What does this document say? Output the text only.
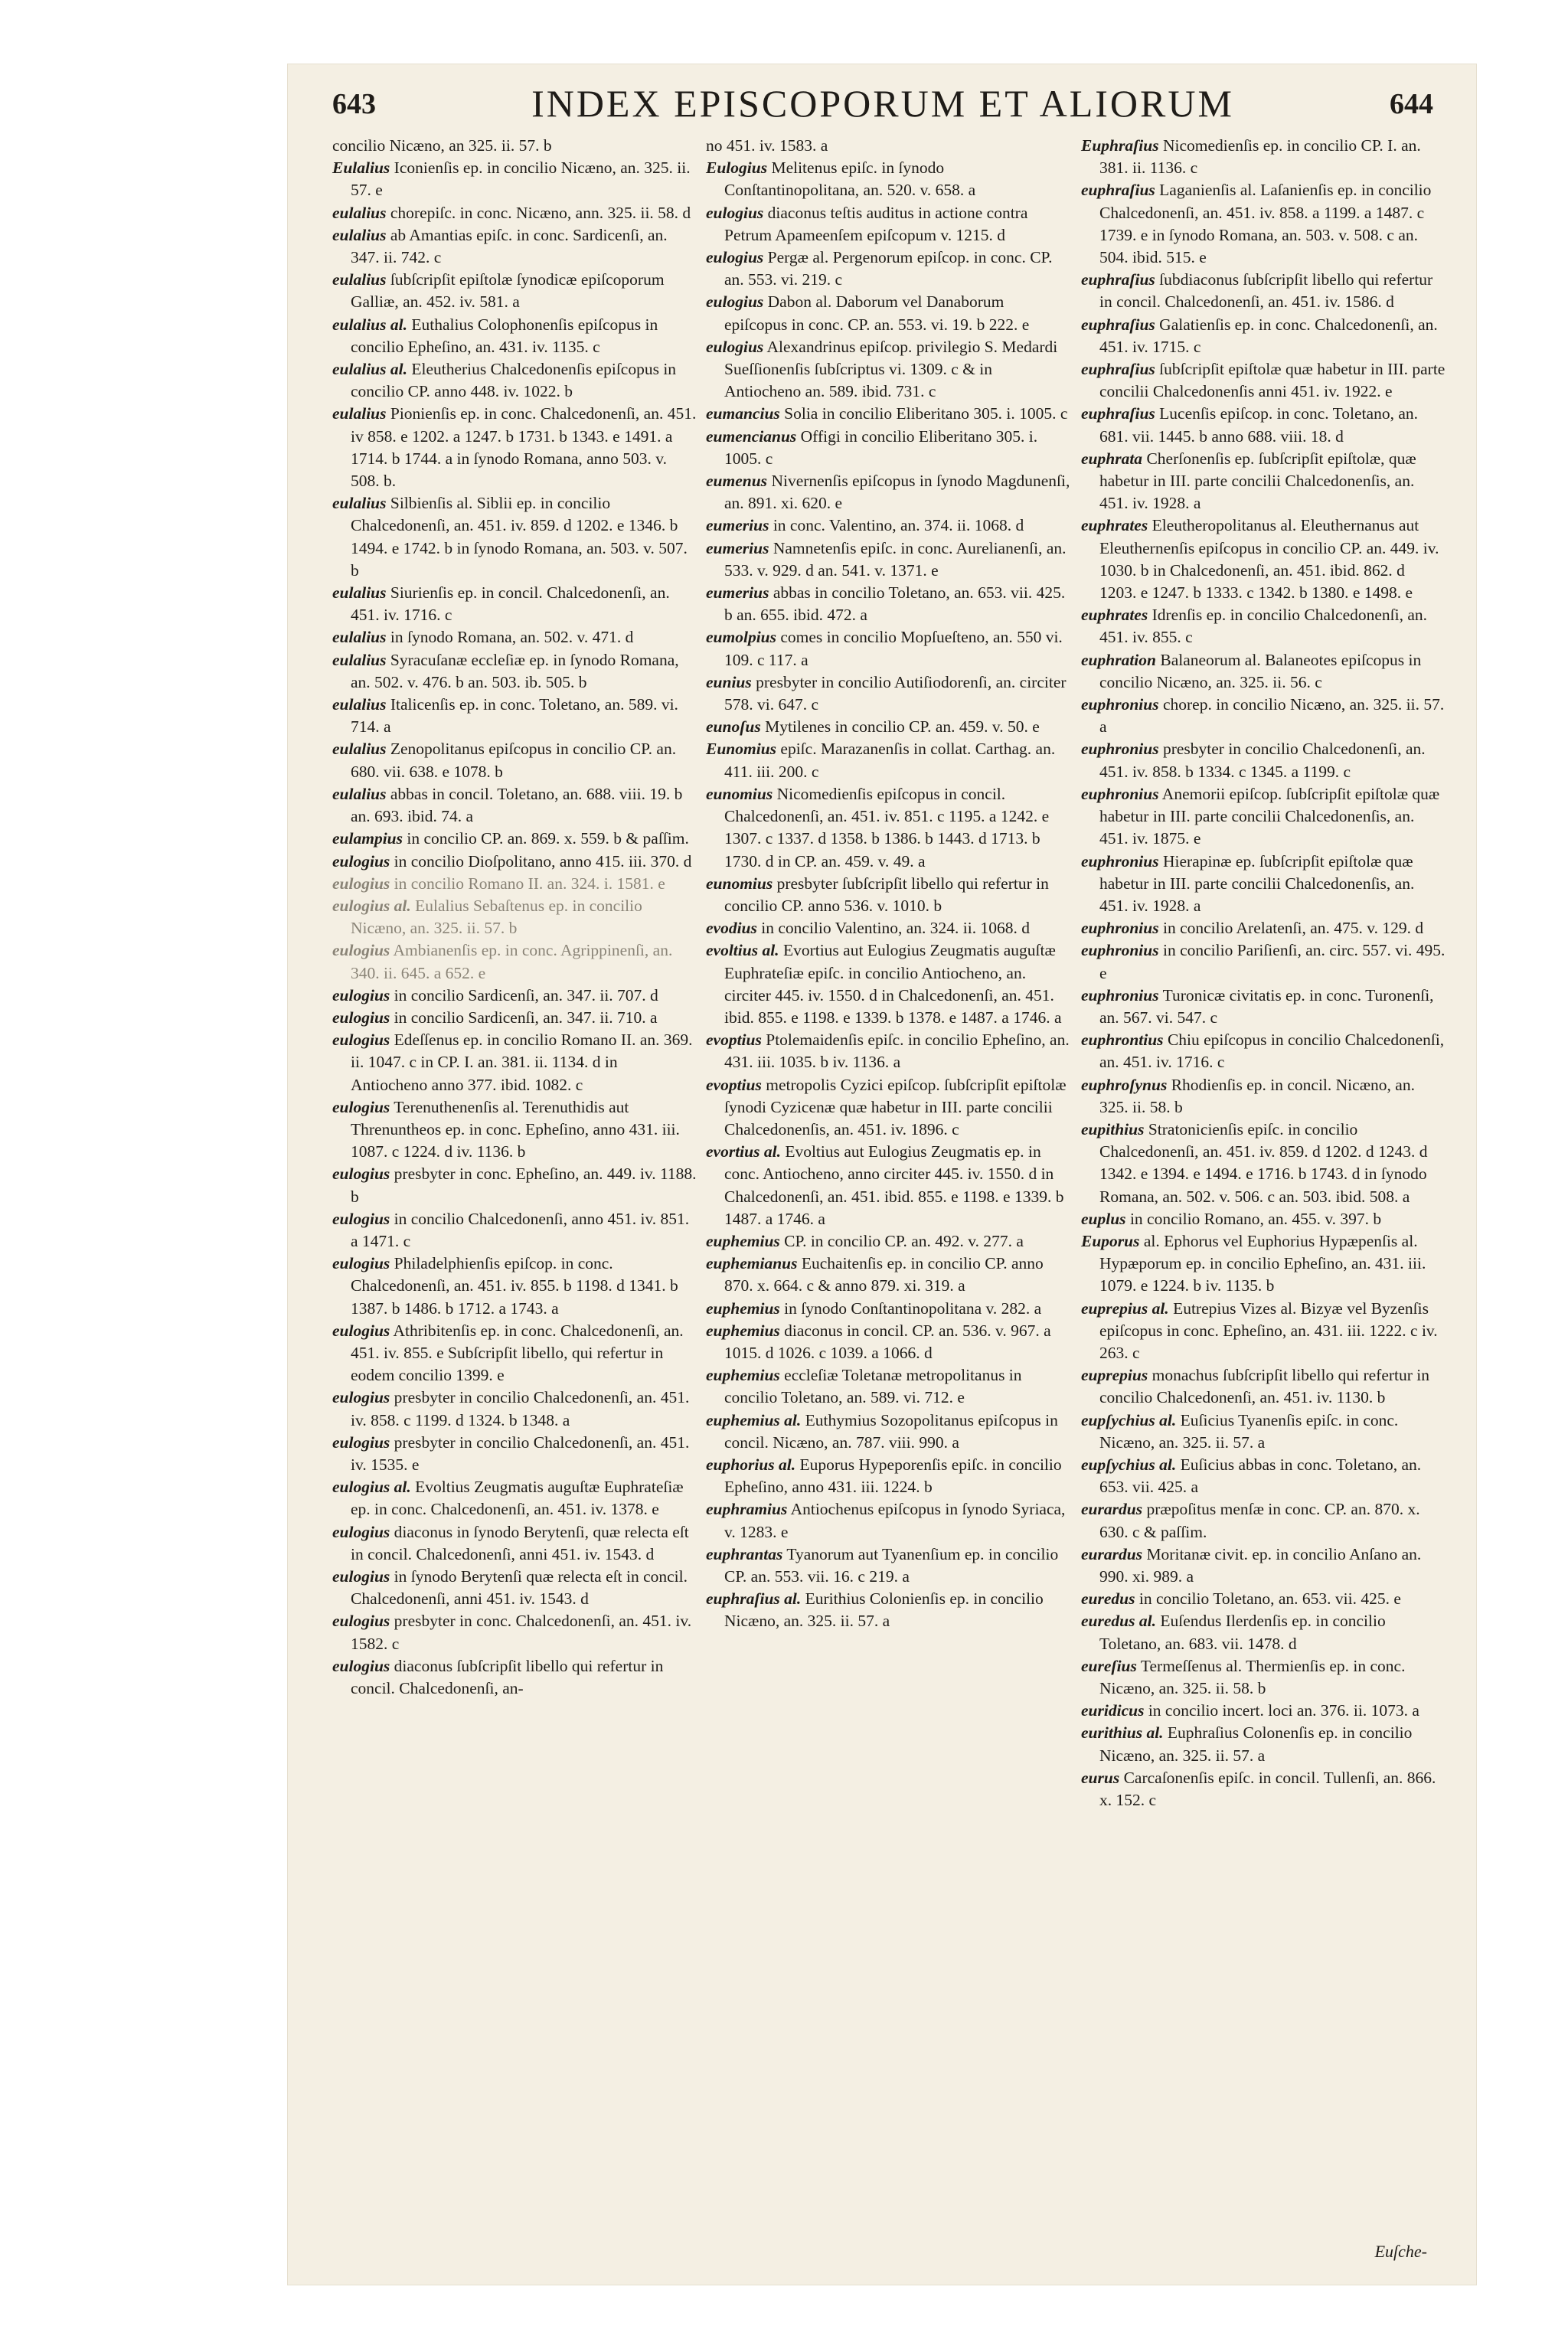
643	INDEX EPISCOPORUM ET ALIORUM	644
concilio Nicæno, an 325. ii. 57. b
Eulalius Iconienſis ep. in concilio Nicæno, an. 325. ii. 57. e
eulalius chorepiſc. in conc. Nicæno, ann. 325. ii. 58. d
eulalius ab Amantias epiſc. in conc. Sardicenſi, an. 347. ii. 742. c
eulalius ſubſcripſit epiſtolæ ſynodicæ epiſcoporum Galliæ, an. 452. iv. 581. a
eulalius al. Euthalius Colophonenſis epiſcopus in concilio Epheſino, an. 431. iv. 1135. c
eulalius al. Eleutherius Chalcedonenſis epiſcopus in concilio CP. anno 448. iv. 1022. b
eulalius Pionienſis ep. in conc. Chalcedonenſi, an. 451. iv 858. e 1202. a 1247. b 1731. b 1343. e 1491. a 1714. b 1744. a in ſynodo Romana, anno 503. v. 508. b.
eulalius Silbienſis al. Siblii ep. in concilio Chalcedonenſi, an. 451. iv. 859. d 1202. e 1346. b 1494. e 1742. b in ſynodo Romana, an. 503. v. 507. b
eulalius Siurienſis ep. in concil. Chalcedonenſi, an. 451. iv. 1716. c
eulalius in ſynodo Romana, an. 502. v. 471. d
eulalius Syracuſanæ eccleſiæ ep. in ſynodo Romana, an. 502. v. 476. b an. 503. ib. 505. b
eulalius Italicenſis ep. in conc. Toletano, an. 589. vi. 714. a
eulalius Zenopolitanus epiſcopus in concilio CP. an. 680. vii. 638. e 1078. b
eulalius abbas in concil. Toletano, an. 688. viii. 19. b an. 693. ibid. 74. a
eulampius in concilio CP. an. 869. x. 559. b & paſſim.
eulogius in concilio Dioſpolitano, anno 415. iii. 370. d
eulogius in concilio Romano II. an. 324. i. 1581. e
eulogius al. Eulalius Sebaſtenus ep. in concilio Nicæno, an. 325. ii. 57. b
eulogius Ambianenſis ep. in conc. Agrippinenſi, an. 340. ii. 645. a 652. e
eulogius in concilio Sardicenſi, an. 347. ii. 707. d
eulogius in concilio Sardicenſi, an. 347. ii. 710. a
eulogius Edeſſenus ep. in concilio Romano II. an. 369. ii. 1047. c in CP. I. an. 381. ii. 1134. d in Antiocheno anno 377. ibid. 1082. c
eulogius Terenuthenenſis al. Terenuthidis aut Threnuntheos ep. in conc. Epheſino, anno 431. iii. 1087. c 1224. d iv. 1136. b
eulogius presbyter in conc. Epheſino, an. 449. iv. 1188. b
eulogius in concilio Chalcedonenſi, anno 451. iv. 851. a 1471. c
eulogius Philadelphienſis epiſcop. in conc. Chalcedonenſi, an. 451. iv. 855. b 1198. d 1341. b 1387. b 1486. b 1712. a 1743. a
eulogius Athribitenſis ep. in conc. Chalcedonenſi, an. 451. iv. 855. e Subſcripſit libello, qui refertur in eodem concilio 1399. e
eulogius presbyter in concilio Chalcedonenſi, an. 451. iv. 858. c 1199. d 1324. b 1348. a
eulogius presbyter in concilio Chalcedonenſi, an. 451. iv. 1535. e
eulogius al. Evoltius Zeugmatis auguſtæ Euphrateſiæ ep. in conc. Chalcedonenſi, an. 451. iv. 1378. e
eulogius diaconus in ſynodo Berytenſi, quæ relecta eſt in concil. Chalcedonenſi, anni 451. iv. 1543. d
eulogius in ſynodo Berytenſi quæ relecta eſt in concil. Chalcedonenſi, anni 451. iv. 1543. d
eulogius presbyter in conc. Chalcedonenſi, an. 451. iv. 1582. c
eulogius diaconus ſubſcripſit libello qui refertur in concil. Chalcedonenſi, an-
no 451. iv. 1583. a
Eulogius Melitenus epiſc. in ſynodo Conſtantinopolitana, an. 520. v. 658. a
eulogius diaconus teſtis auditus in actione contra Petrum Apameenſem epiſcopum v. 1215. d
eulogius Pergæ al. Pergenorum epiſcop. in conc. CP. an. 553. vi. 219. c
eulogius Dabon al. Daborum vel Danaborum epiſcopus in conc. CP. an. 553. vi. 19. b 222. e
eulogius Alexandrinus epiſcop. privilegio S. Medardi Sueſſionenſis ſubſcriptus vi. 1309. c & in Antiocheno an. 589. ibid. 731. c
eumancius Solia in concilio Eliberitano 305. i. 1005. c
eumencianus Offigi in concilio Eliberitano 305. i. 1005. c
eumenus Nivernenſis epiſcopus in ſynodo Magdunenſi, an. 891. xi. 620. e
eumerius in conc. Valentino, an. 374. ii. 1068. d
eumerius Namnetenſis epiſc. in conc. Aurelianenſi, an. 533. v. 929. d an. 541. v. 1371. e
eumerius abbas in concilio Toletano, an. 653. vii. 425. b an. 655. ibid. 472. a
eumolpius comes in concilio Mopſueſteno, an. 550 vi. 109. c 117. a
eunius presbyter in concilio Autiſiodorenſi, an. circiter 578. vi. 647. c
eunoſus Mytilenes in concilio CP. an. 459. v. 50. e
Eunomius epiſc. Marazanenſis in collat. Carthag. an. 411. iii. 200. c
eunomius Nicomedienſis epiſcopus in concil. Chalcedonenſi, an. 451. iv. 851. c 1195. a 1242. e 1307. c 1337. d 1358. b 1386. b 1443. d 1713. b 1730. d in CP. an. 459. v. 49. a
eunomius presbyter ſubſcripſit libello qui refertur in concilio CP. anno 536. v. 1010. b
evodius in concilio Valentino, an. 324. ii. 1068. d
evoltius al. Evortius aut Eulogius Zeugmatis auguſtæ Euphrateſiæ epiſc. in concilio Antiocheno, an. circiter 445. iv. 1550. d in Chalcedonenſi, an. 451. ibid. 855. e 1198. e 1339. b 1378. e 1487. a 1746. a
evoptius Ptolemaidenſis epiſc. in concilio Epheſino, an. 431. iii. 1035. b iv. 1136. a
evoptius metropolis Cyzici epiſcop. ſubſcripſit epiſtolæ ſynodi Cyzicenæ quæ habetur in III. parte concilii Chalcedonenſis, an. 451. iv. 1896. c
evortius al. Evoltius aut Eulogius Zeugmatis ep. in conc. Antiocheno, anno circiter 445. iv. 1550. d in Chalcedonenſi, an. 451. ibid. 855. e 1198. e 1339. b 1487. a 1746. a
euphemius CP. in concilio CP. an. 492. v. 277. a
euphemianus Euchaitenſis ep. in concilio CP. anno 870. x. 664. c & anno 879. xi. 319. a
euphemius in ſynodo Conſtantinopolitana v. 282. a
euphemius diaconus in concil. CP. an. 536. v. 967. a 1015. d 1026. c 1039. a 1066. d
euphemius eccleſiæ Toletanæ metropolitanus in concilio Toletano, an. 589. vi. 712. e
euphemius al. Euthymius Sozopolitanus epiſcopus in concil. Nicæno, an. 787. viii. 990. a
euphorius al. Euporus Hypeporenſis epiſc. in concilio Epheſino, anno 431. iii. 1224. b
euphramius Antiochenus epiſcopus in ſynodo Syriaca, v. 1283. e
euphrantas Tyanorum aut Tyanenſium ep. in concilio CP. an. 553. vii. 16. c 219. a
euphraſius al. Eurithius Colonienſis ep. in concilio Nicæno, an. 325. ii. 57. a
Euphraſius Nicomedienſis ep. in concilio CP. I. an. 381. ii. 1136. c
euphraſius Laganienſis al. Laſanienſis ep. in concilio Chalcedonenſi, an. 451. iv. 858. a 1199. a 1487. c 1739. e in ſynodo Romana, an. 503. v. 508. c an. 504. ibid. 515. e
euphraſius ſubdiaconus ſubſcripſit libello qui refertur in concil. Chalcedonenſi, an. 451. iv. 1586. d
euphraſius Galatienſis ep. in conc. Chalcedonenſi, an. 451. iv. 1715. c
euphraſius ſubſcripſit epiſtolæ quæ habetur in III. parte concilii Chalcedonenſis anni 451. iv. 1922. e
euphraſius Lucenſis epiſcop. in conc. Toletano, an. 681. vii. 1445. b anno 688. viii. 18. d
euphrata Cherſonenſis ep. ſubſcripſit epiſtolæ, quæ habetur in III. parte concilii Chalcedonenſis, an. 451. iv. 1928. a
euphrates Eleutheropolitanus al. Eleuthernanus aut Eleuthernenſis epiſcopus in concilio CP. an. 449. iv. 1030. b in Chalcedonenſi, an. 451. ibid. 862. d 1203. e 1247. b 1333. c 1342. b 1380. e 1498. e
euphrates Idrenſis ep. in concilio Chalcedonenſi, an. 451. iv. 855. c
euphration Balaneorum al. Balaneotes epiſcopus in concilio Nicæno, an. 325. ii. 56. c
euphronius chorep. in concilio Nicæno, an. 325. ii. 57. a
euphronius presbyter in concilio Chalcedonenſi, an. 451. iv. 858. b 1334. c 1345. a 1199. c
euphronius Anemorii epiſcop. ſubſcripſit epiſtolæ quæ habetur in III. parte concilii Chalcedonenſis, an. 451. iv. 1875. e
euphronius Hierapinæ ep. ſubſcripſit epiſtolæ quæ habetur in III. parte concilii Chalcedonenſis, an. 451. iv. 1928. a
euphronius in concilio Arelatenſi, an. 475. v. 129. d
euphronius in concilio Pariſienſi, an. circ. 557. vi. 495. e
euphronius Turonicæ civitatis ep. in conc. Turonenſi, an. 567. vi. 547. c
euphrontius Chiu epiſcopus in concilio Chalcedonenſi, an. 451. iv. 1716. c
euphroſynus Rhodienſis ep. in concil. Nicæno, an. 325. ii. 58. b
eupithius Stratonicienſis epiſc. in concilio Chalcedonenſi, an. 451. iv. 859. d 1202. d 1243. d 1342. e 1394. e 1494. e 1716. b 1743. d in ſynodo Romana, an. 502. v. 506. c an. 503. ibid. 508. a
euplus in concilio Romano, an. 455. v. 397. b
Euporus al. Ephorus vel Euphorius Hypæpenſis al. Hypæporum ep. in concilio Epheſino, an. 431. iii. 1079. e 1224. b iv. 1135. b
euprepius al. Eutrepius Vizes al. Bizyæ vel Byzenſis epiſcopus in conc. Epheſino, an. 431. iii. 1222. c iv. 263. c
euprepius monachus ſubſcripſit libello qui refertur in concilio Chalcedonenſi, an. 451. iv. 1130. b
eupſychius al. Euſicius Tyanenſis epiſc. in conc. Nicæno, an. 325. ii. 57. a
eupſychius al. Euſicius abbas in conc. Toletano, an. 653. vii. 425. a
eurardus præpoſitus menſæ in conc. CP. an. 870. x. 630. c & paſſim.
eurardus Moritanæ civit. ep. in concilio Anſano an. 990. xi. 989. a
euredus in concilio Toletano, an. 653. vii. 425. e
euredus al. Euſendus Ilerdenſis ep. in concilio Toletano, an. 683. vii. 1478. d
eureſius Termeſſenus al. Thermienſis ep. in conc. Nicæno, an. 325. ii. 58. b
euridicus in concilio incert. loci an. 376. ii. 1073. a
eurithius al. Euphraſius Colonenſis ep. in concilio Nicæno, an. 325. ii. 57. a
eurus Carcaſonenſis epiſc. in concil. Tullenſi, an. 866. x. 152. c
Euſche-
